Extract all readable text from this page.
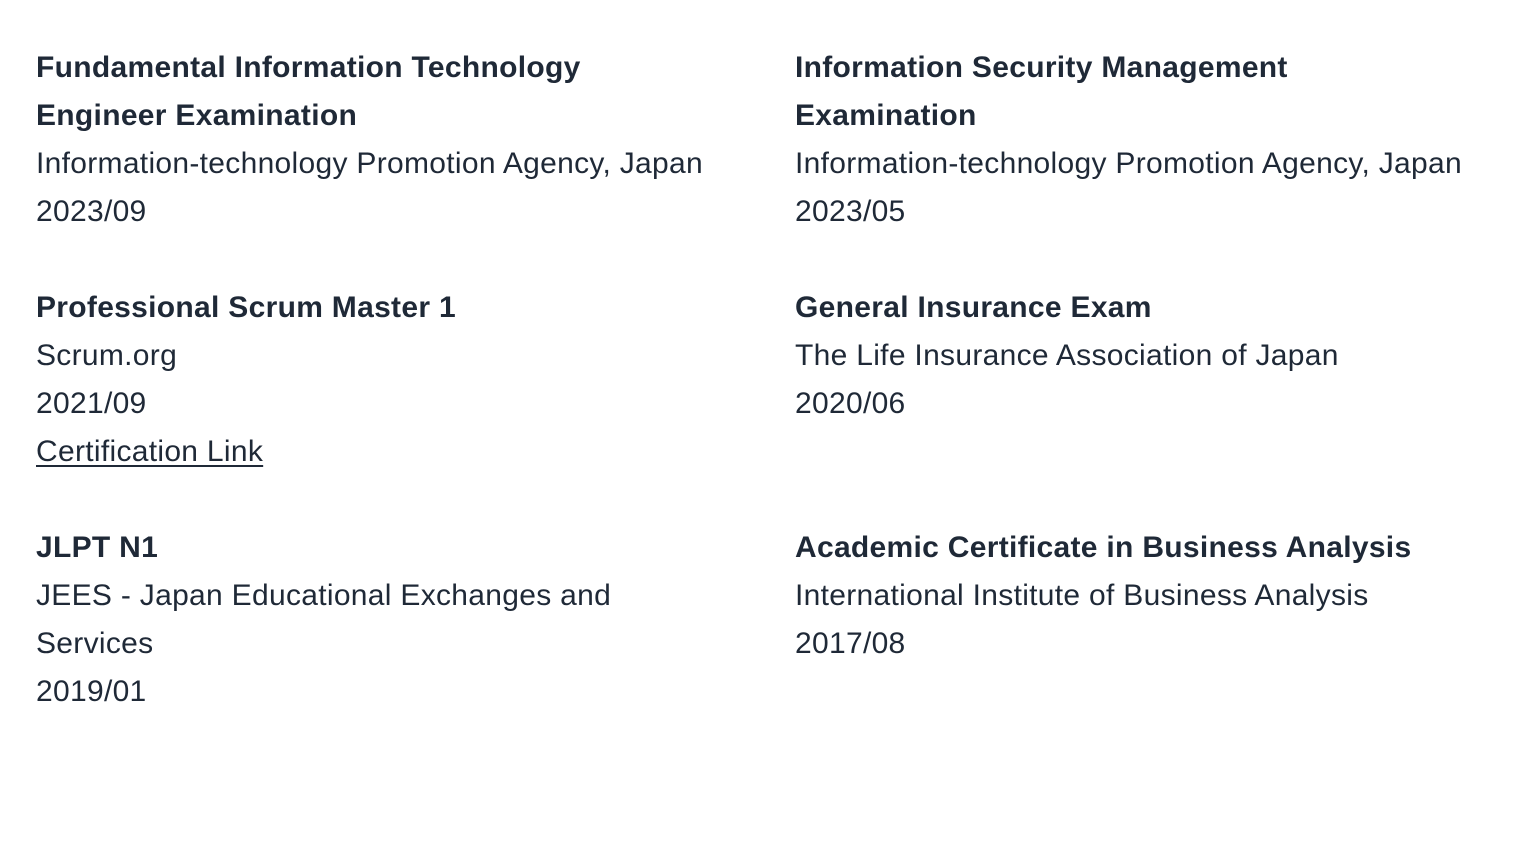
Fundamental Information Technology Engineer Examination
Information-technology Promotion Agency, Japan
2023/09
Information Security Management Examination
Information-technology Promotion Agency, Japan
2023/05
Professional Scrum Master 1
Scrum.org
2021/09
Certification Link
General Insurance Exam
The Life Insurance Association of Japan
2020/06
JLPT N1
JEES - Japan Educational Exchanges and Services
2019/01
Academic Certificate in Business Analysis
International Institute of Business Analysis
2017/08
